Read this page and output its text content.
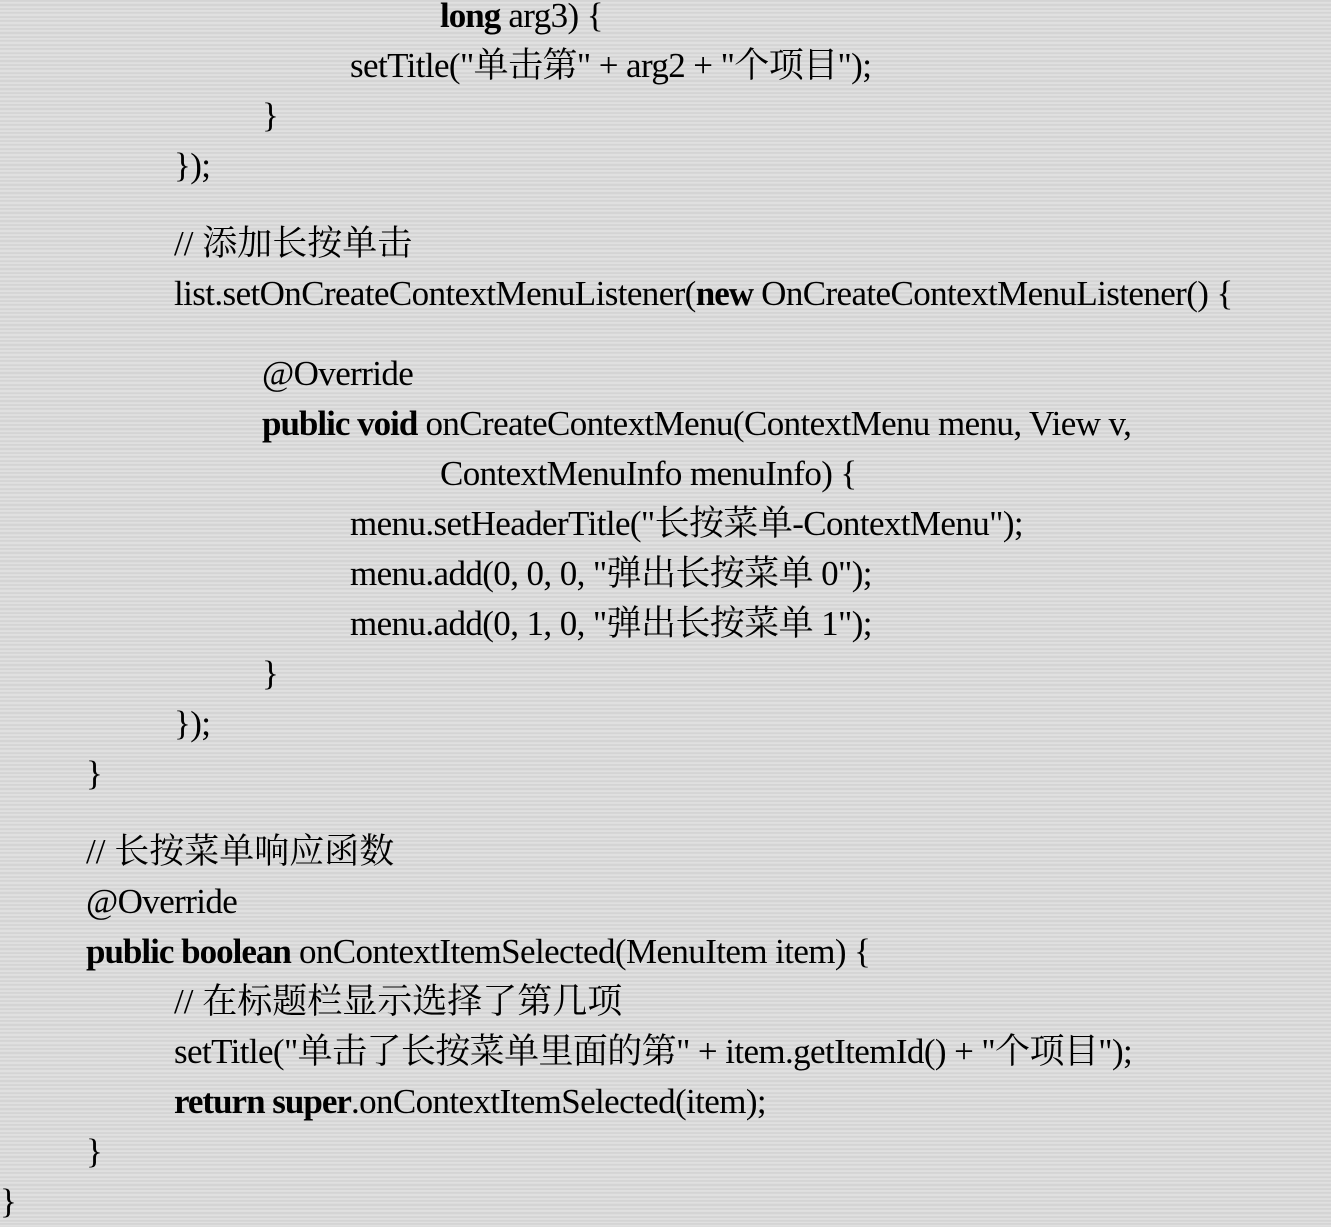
long arg3) {
setTitle("单击第" + arg2 + "个项目");
}
});
// 添加长按单击
list.setOnCreateContextMenuListener(new OnCreateContextMenuListener() {
@Override
public void onCreateContextMenu(ContextMenu menu, View v,
ContextMenuInfo menuInfo) {
menu.setHeaderTitle("长按菜单-ContextMenu");
menu.add(0, 0, 0, "弹出长按菜单 0");
menu.add(0, 1, 0, "弹出长按菜单 1");
}
});
}
// 长按菜单响应函数
@Override
public boolean onContextItemSelected(MenuItem item) {
// 在标题栏显示选择了第几项
setTitle("单击了长按菜单里面的第" + item.getItemId() + "个项目");
return super.onContextItemSelected(item);
}
}
